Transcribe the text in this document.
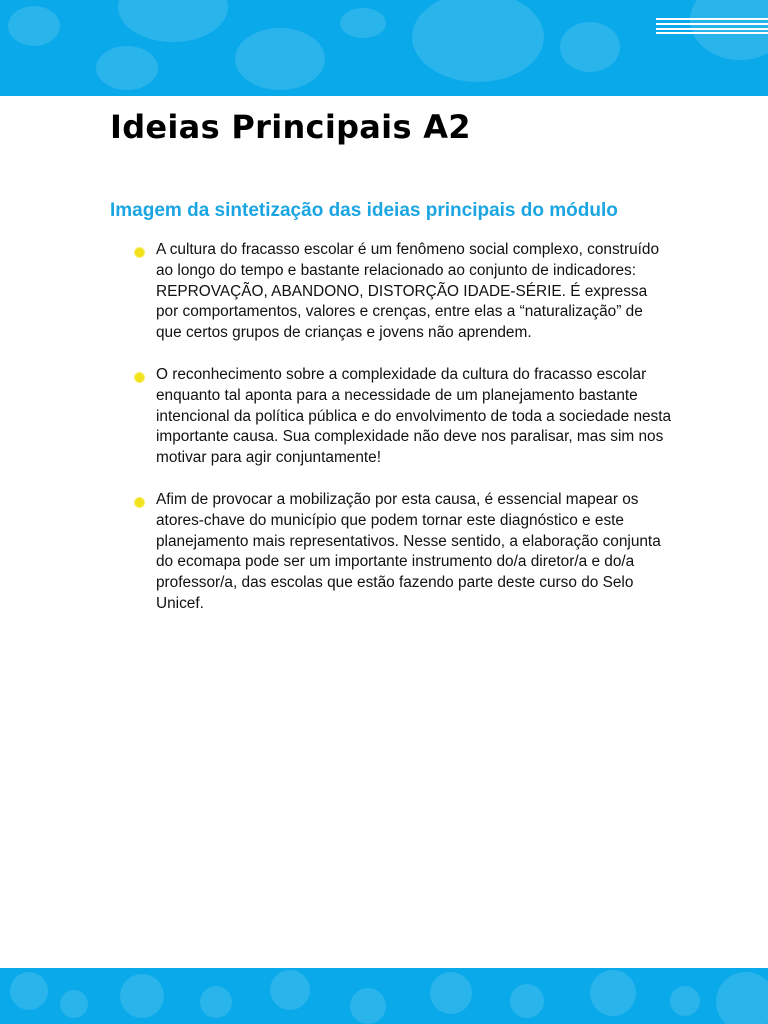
Ideias Principais A2
Imagem da sintetização das ideias principais do módulo
A cultura do fracasso escolar é um fenômeno social complexo, construído ao longo do tempo e bastante relacionado ao conjunto de indicadores: REPROVAÇÃO, ABANDONO, DISTORÇÃO IDADE-SÉRIE. É expressa por comportamentos, valores e crenças, entre elas a “naturalização” de que certos grupos de crianças e jovens não aprendem.
O reconhecimento sobre a complexidade da cultura do fracasso escolar enquanto tal aponta para a necessidade de um planejamento bastante intencional da política pública e do envolvimento de toda a sociedade nesta importante causa. Sua complexidade não deve nos paralisar, mas sim nos motivar para agir conjuntamente!
Afim de provocar a mobilização por esta causa, é essencial mapear os atores-chave do município que podem tornar este diagnóstico e este planejamento mais representativos. Nesse sentido, a elaboração conjunta do ecomapa pode ser um importante instrumento do/a diretor/a e do/a professor/a, das escolas que estão fazendo parte deste curso do Selo Unicef.
